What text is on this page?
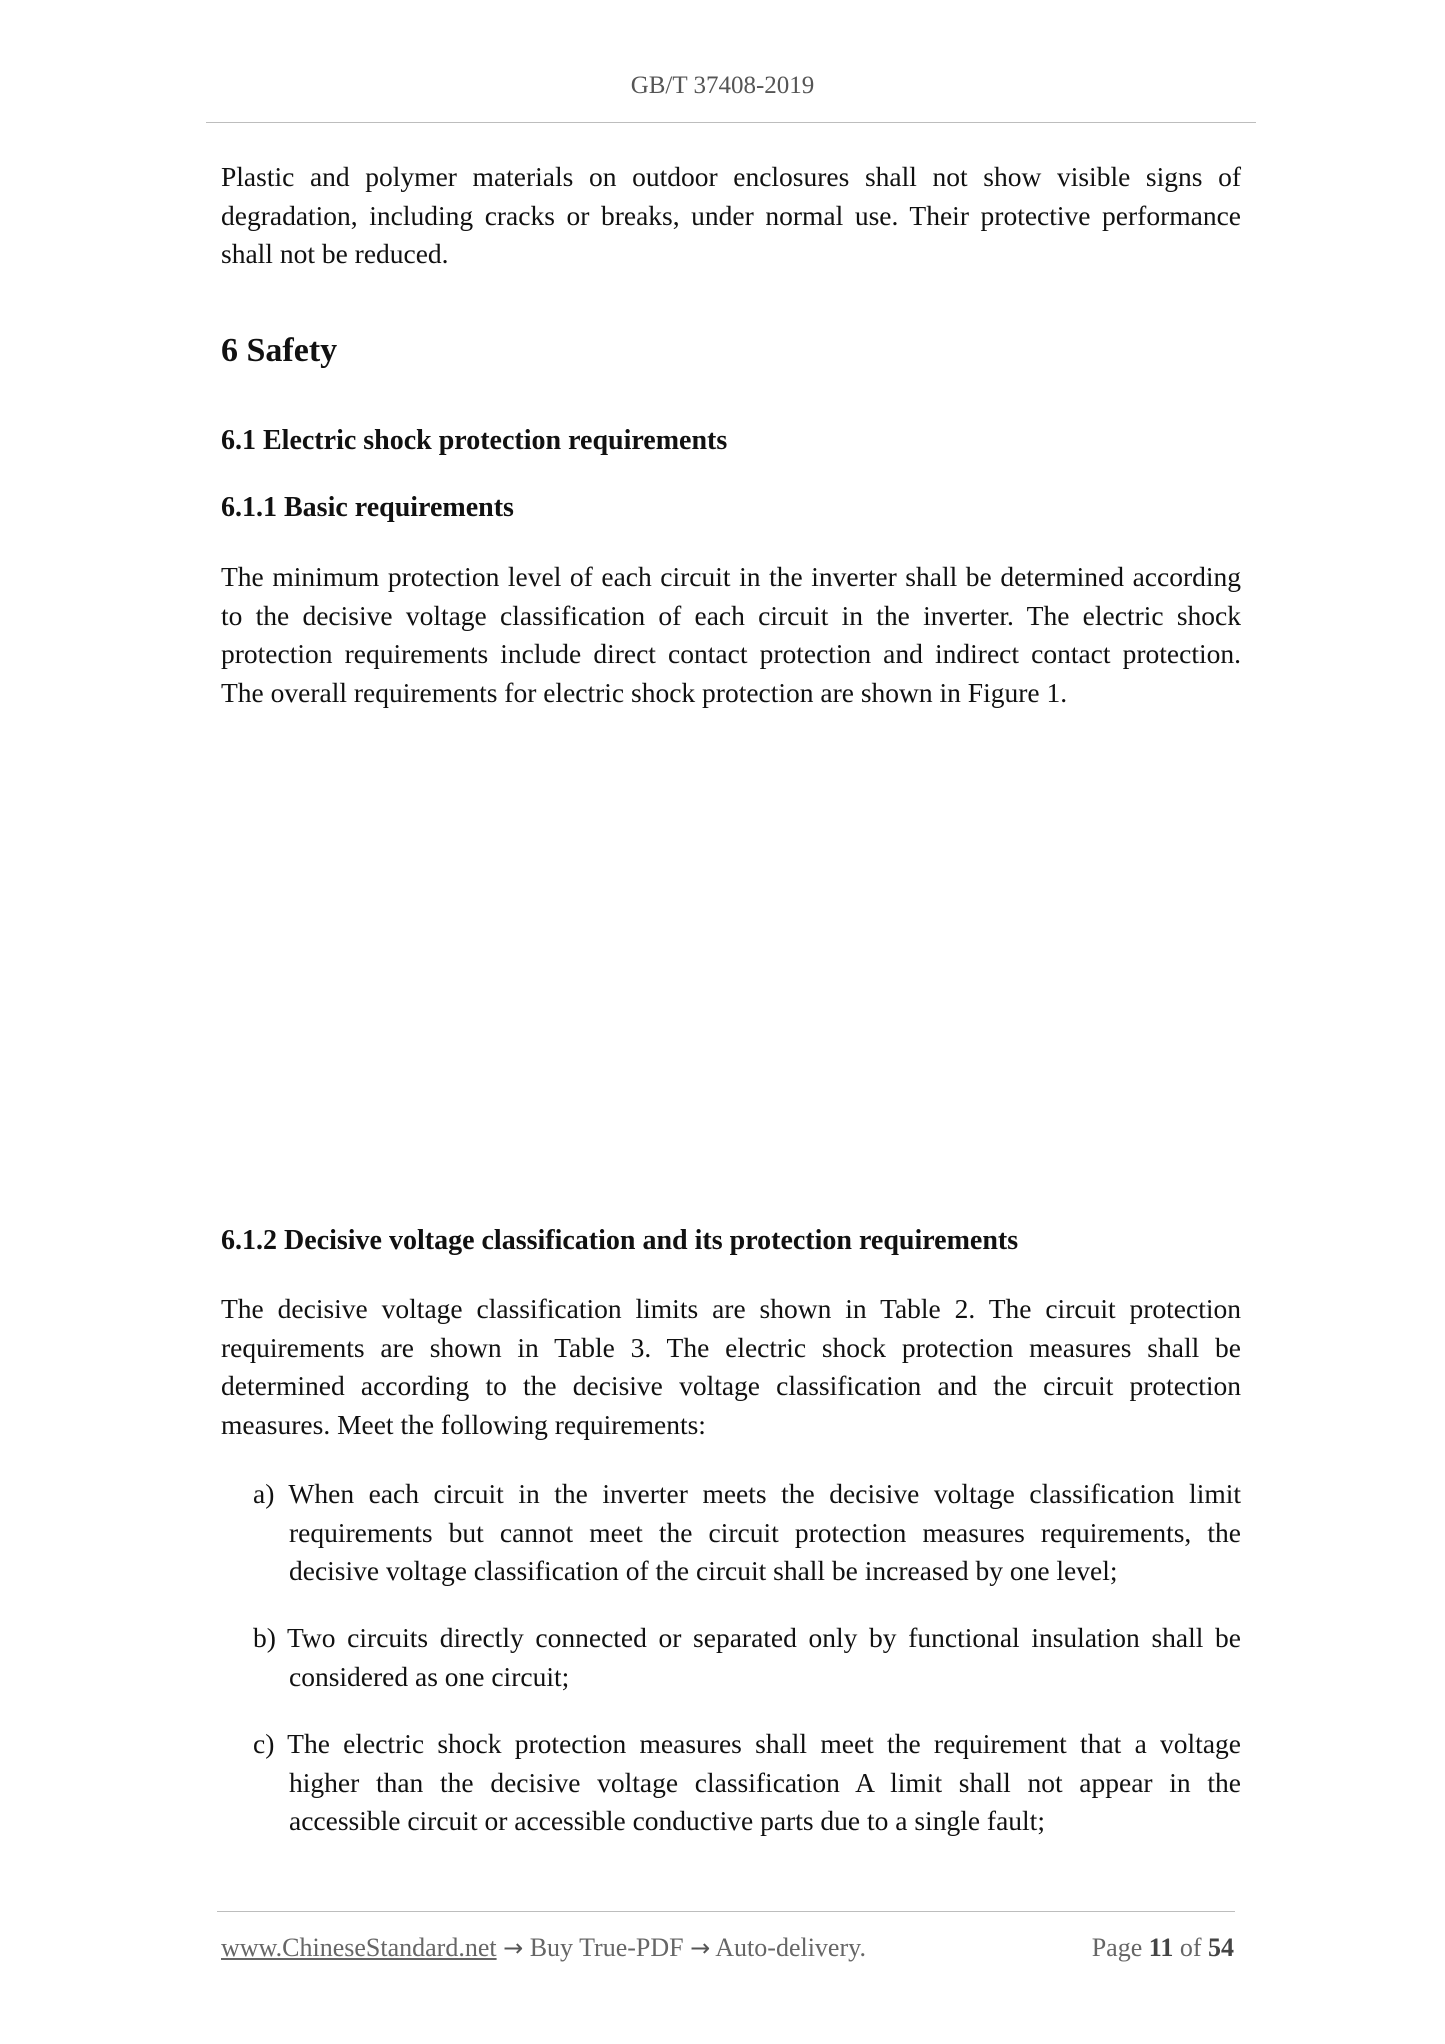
GB/T 37408-2019

Plastic and polymer materials on outdoor enclosures shall not show visible signs of degradation, including cracks or breaks, under normal use. Their protective performance shall not be reduced.

6 Safety
6.1 Electric shock protection requirements
6.1.1 Basic requirements

The minimum protection level of each circuit in the inverter shall be determined according to the decisive voltage classification of each circuit in the inverter. The electric shock protection requirements include direct contact protection and indirect contact protection. The overall requirements for electric shock protection are shown in Figure 1.

6.1.2 Decisive voltage classification and its protection requirements

The decisive voltage classification limits are shown in Table 2. The circuit protection requirements are shown in Table 3. The electric shock protection measures shall be determined according to the decisive voltage classification and the circuit protection measures. Meet the following requirements:

a) When each circuit in the inverter meets the decisive voltage classification limit requirements but cannot meet the circuit protection measures requirements, the decisive voltage classification of the circuit shall be increased by one level;

b) Two circuits directly connected or separated only by functional insulation shall be considered as one circuit;

c) The electric shock protection measures shall meet the requirement that a voltage higher than the decisive voltage classification A limit shall not appear in the accessible circuit or accessible conductive parts due to a single fault;

www.ChineseStandard.net → Buy True-PDF → Auto-delivery.	Page 11 of 54
